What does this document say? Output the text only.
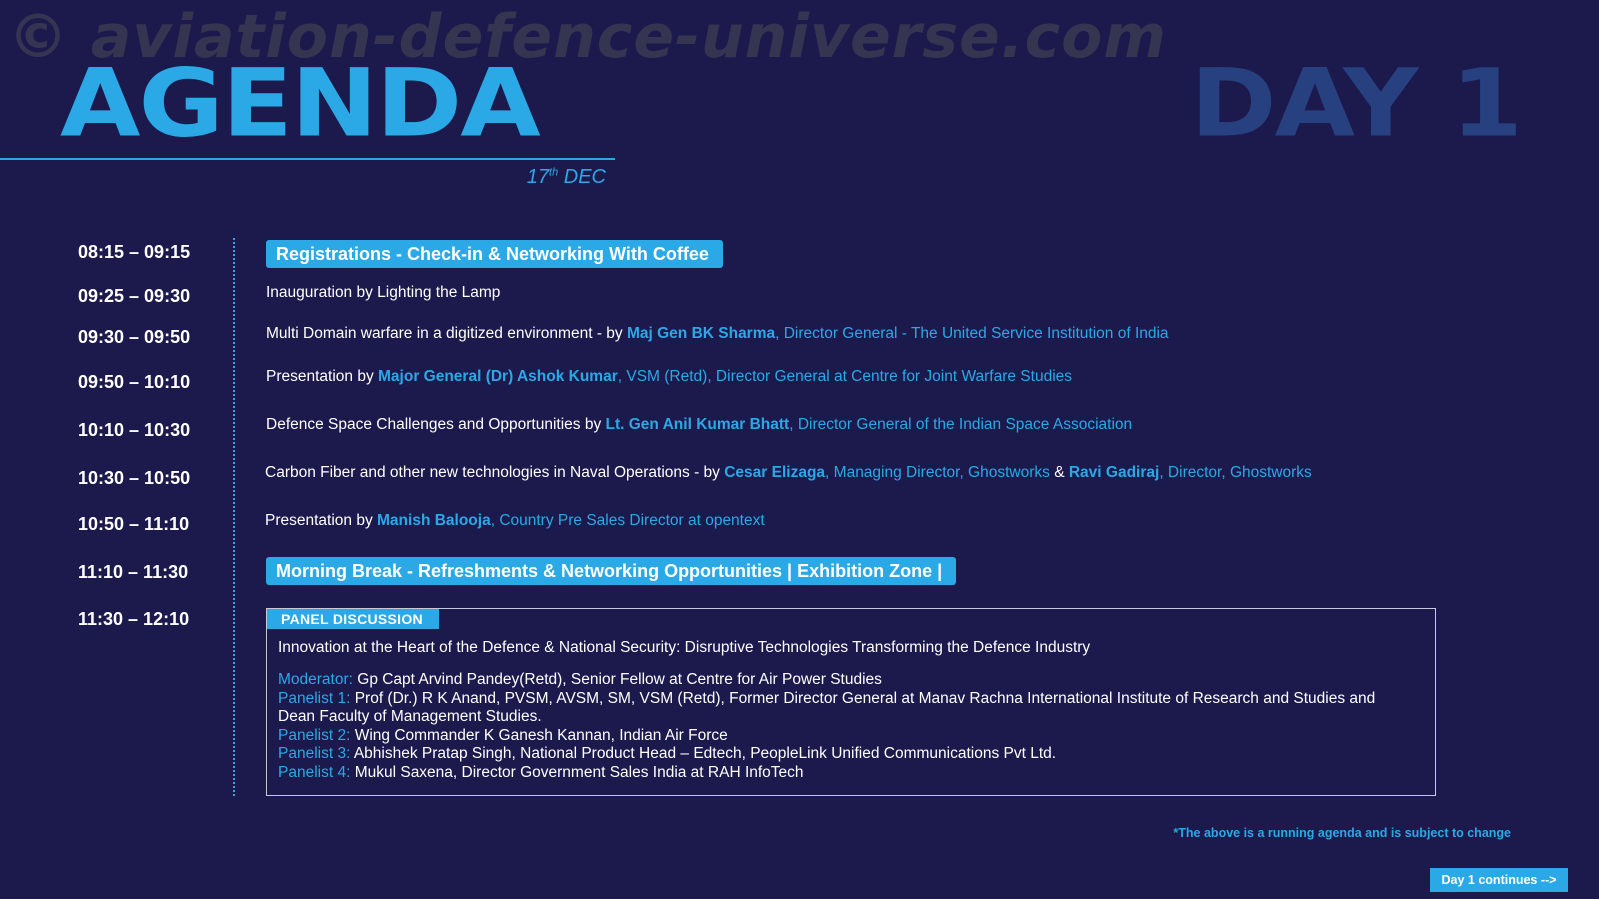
© aviation-defence-universe.com
AGENDA	DAY 1
17th DEC
08:15 – 09:15	Registrations - Check-in & Networking With Coffee
09:25 – 09:30	Inauguration by Lighting the Lamp
09:30 – 09:50	Multi Domain warfare in a digitized environment - by Maj Gen BK Sharma, Director General - The United Service Institution of India
09:50 – 10:10	Presentation by Major General (Dr) Ashok Kumar, VSM (Retd), Director General at Centre for Joint Warfare Studies
10:10 – 10:30	Defence Space Challenges and Opportunities by Lt. Gen Anil Kumar Bhatt, Director General of the Indian Space Association
10:30 – 10:50	Carbon Fiber and other new technologies in Naval Operations - by Cesar Elizaga, Managing Director, Ghostworks & Ravi Gadiraj, Director, Ghostworks
10:50 – 11:10	Presentation by Manish Balooja, Country Pre Sales Director at opentext
11:10 – 11:30	Morning Break - Refreshments & Networking Opportunities | Exhibition Zone |
11:30 – 12:10	PANEL DISCUSSION
Innovation at the Heart of the Defence & National Security: Disruptive Technologies Transforming the Defence Industry
Moderator: Gp Capt Arvind Pandey(Retd), Senior Fellow at Centre for Air Power Studies
Panelist 1: Prof (Dr.) R K Anand, PVSM, AVSM, SM, VSM (Retd), Former Director General at Manav Rachna International Institute of Research and Studies and Dean Faculty of Management Studies.
Panelist 2: Wing Commander K Ganesh Kannan, Indian Air Force
Panelist 3: Abhishek Pratap Singh, National Product Head – Edtech, PeopleLink Unified Communications Pvt Ltd.
Panelist 4: Mukul Saxena, Director Government Sales India at RAH InfoTech
*The above is a running agenda and is subject to change
Day 1 continues -->
